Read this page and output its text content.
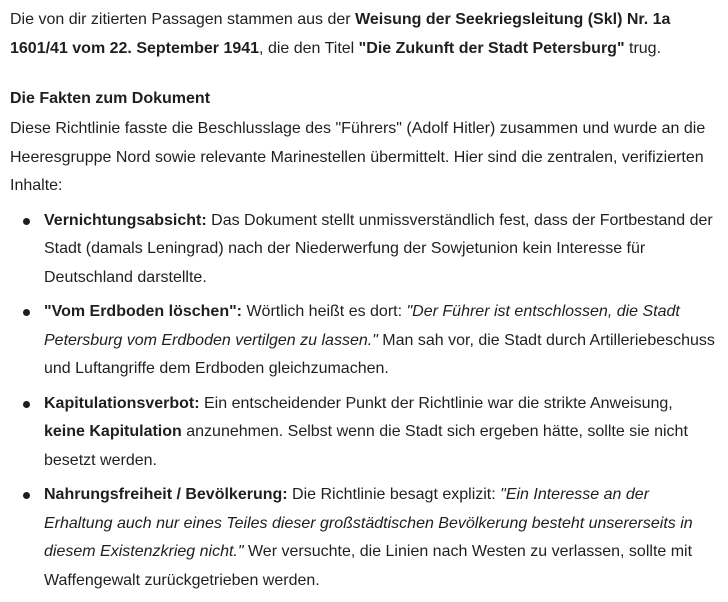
Die von dir zitierten Passagen stammen aus der Weisung der Seekriegsleitung (Skl) Nr. 1a 1601/41 vom 22. September 1941, die den Titel "Die Zukunft der Stadt Petersburg" trug.

Die Fakten zum Dokument

Diese Richtlinie fasste die Beschlusslage des "Führers" (Adolf Hitler) zusammen und wurde an die Heeresgruppe Nord sowie relevante Marinestellen übermittelt. Hier sind die zentralen, verifizierten Inhalte:

Vernichtungsabsicht: Das Dokument stellt unmissverständlich fest, dass der Fortbestand der Stadt (damals Leningrad) nach der Niederwerfung der Sowjetunion kein Interesse für Deutschland darstellte.
"Vom Erdboden löschen": Wörtlich heißt es dort: "Der Führer ist entschlossen, die Stadt Petersburg vom Erdboden vertilgen zu lassen." Man sah vor, die Stadt durch Artilleriebeschuss und Luftangriffe dem Erdboden gleichzumachen.
Kapitulationsverbot: Ein entscheidender Punkt der Richtlinie war die strikte Anweisung, keine Kapitulation anzunehmen. Selbst wenn die Stadt sich ergeben hätte, sollte sie nicht besetzt werden.
Nahrungsfreiheit / Bevölkerung: Die Richtlinie besagt explizit: "Ein Interesse an der Erhaltung auch nur eines Teiles dieser großstädtischen Bevölkerung besteht unsererseits in diesem Existenzkrieg nicht." Wer versuchte, die Linien nach Westen zu verlassen, sollte mit Waffengewalt zurückgetrieben werden.
